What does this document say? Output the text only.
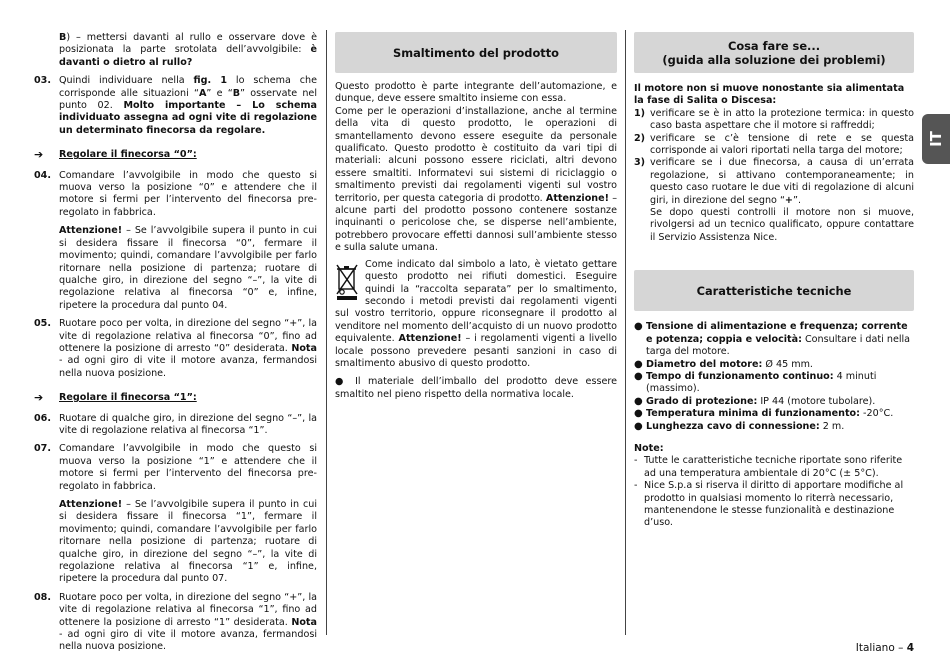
B) – mettersi davanti al rullo e osservare dove è posizionata la parte srotolata dell’avvolgibile: è davanti o dietro al rullo?
03. Quindi individuare nella fig. 1 lo schema che corrisponde alle situazioni “A” e “B” osservate nel punto 02. Molto importante – Lo schema individuato assegna ad ogni vite di regolazione un determinato finecorsa da regolare.
➔	Regolare il finecorsa “0”:
04. Comandare l’avvolgibile in modo che questo si muova verso la posizione “0” e attendere che il motore si fermi per l’intervento del finecorsa pre-regolato in fabbrica.
Attenzione! – Se l’avvolgibile supera il punto in cui si desidera fissare il finecorsa “0”, fermare il movimento; quindi, comandare l’avvolgibile per farlo ritornare nella posizione di partenza; ruotare di qualche giro, in direzione del segno “–”, la vite di regolazione relativa al finecorsa “0” e, infine, ripetere la procedura dal punto 04.
05. Ruotare poco per volta, in direzione del segno “+”, la vite di regolazione relativa al finecorsa “0”, fino ad ottenere la posizione di arresto “0” desiderata. Nota - ad ogni giro di vite il motore avanza, fermandosi nella nuova posizione.
➔	Regolare il finecorsa “1”:
06. Ruotare di qualche giro, in direzione del segno “–”, la vite di regolazione relativa al finecorsa “1”.
07. Comandare l’avvolgibile in modo che questo si muova verso la posizione “1” e attendere che il motore si fermi per l’intervento del finecorsa pre-regolato in fabbrica.
Attenzione! – Se l’avvolgibile supera il punto in cui si desidera fissare il finecorsa “1”, fermare il movimento; quindi, comandare l’avvolgibile per farlo ritornare nella posizione di partenza; ruotare di qualche giro, in direzione del segno “–”, la vite di regolazione relativa al finecorsa “1” e, infine, ripetere la procedura dal punto 07.
08. Ruotare poco per volta, in direzione del segno “+”, la vite di regolazione relativa al finecorsa “1”, fino ad ottenere la posizione di arresto “1” desiderata. Nota - ad ogni giro di vite il motore avanza, fermandosi nella nuova posizione.
Smaltimento del prodotto
Questo prodotto è parte integrante dell’automazione, e dunque, deve essere smaltito insieme con essa.
Come per le operazioni d’installazione, anche al termine della vita di questo prodotto, le operazioni di smantellamento devono essere eseguite da personale qualificato. Questo prodotto è costituito da vari tipi di materiali: alcuni possono essere riciclati, altri devono essere smaltiti. Informatevi sui sistemi di riciclaggio o smaltimento previsti dai regolamenti vigenti sul vostro territorio, per questa categoria di prodotto. Attenzione! – alcune parti del prodotto possono contenere sostanze inquinanti o pericolose che, se disperse nell’ambiente, potrebbero provocare effetti dannosi sull’ambiente stesso e sulla salute umana.
Come indicato dal simbolo a lato, è vietato gettare questo prodotto nei rifiuti domestici. Eseguire quindi la “raccolta separata” per lo smaltimento, secondo i metodi previsti dai regolamenti vigenti sul vostro territorio, oppure riconsegnare il prodotto al venditore nel momento dell’acquisto di un nuovo prodotto equivalente. Attenzione! – i regolamenti vigenti a livello locale possono prevedere pesanti sanzioni in caso di smaltimento abusivo di questo prodotto.
● Il materiale dell’imballo del prodotto deve essere smaltito nel pieno rispetto della normativa locale.
Cosa fare se...
(guida alla soluzione dei problemi)
Il motore non si muove nonostante sia alimentata la fase di Salita o Discesa:
1) verificare se è in atto la protezione termica: in questo caso basta aspettare che il motore si raffreddi;
2) verificare se c’è tensione di rete e se questa corrisponde ai valori riportati nella targa del motore;
3) verificare se i due finecorsa, a causa di un’errata regolazione, si attivano contemporaneamente; in questo caso ruotare le due viti di regolazione di alcuni giri, in direzione del segno “+”.
Se dopo questi controlli il motore non si muove, rivolgersi ad un tecnico qualificato, oppure contattare il Servizio Assistenza Nice.
Caratteristiche tecniche
● Tensione di alimentazione e frequenza; corrente e potenza; coppia e velocità: Consultare i dati nella targa del motore.
● Diametro del motore: Ø 45 mm.
● Tempo di funzionamento continuo: 4 minuti (massimo).
● Grado di protezione: IP 44 (motore tubolare).
● Temperatura minima di funzionamento: -20°C.
● Lunghezza cavo di connessione: 2 m.
Note:
- Tutte le caratteristiche tecniche riportate sono riferite ad una temperatura ambientale di 20°C (± 5°C).
- Nice S.p.a si riserva il diritto di apportare modifiche al prodotto in qualsiasi momento lo riterrà necessario, mantenendone le stesse funzionalità e destinazione d’uso.
IT
Italiano – 4
